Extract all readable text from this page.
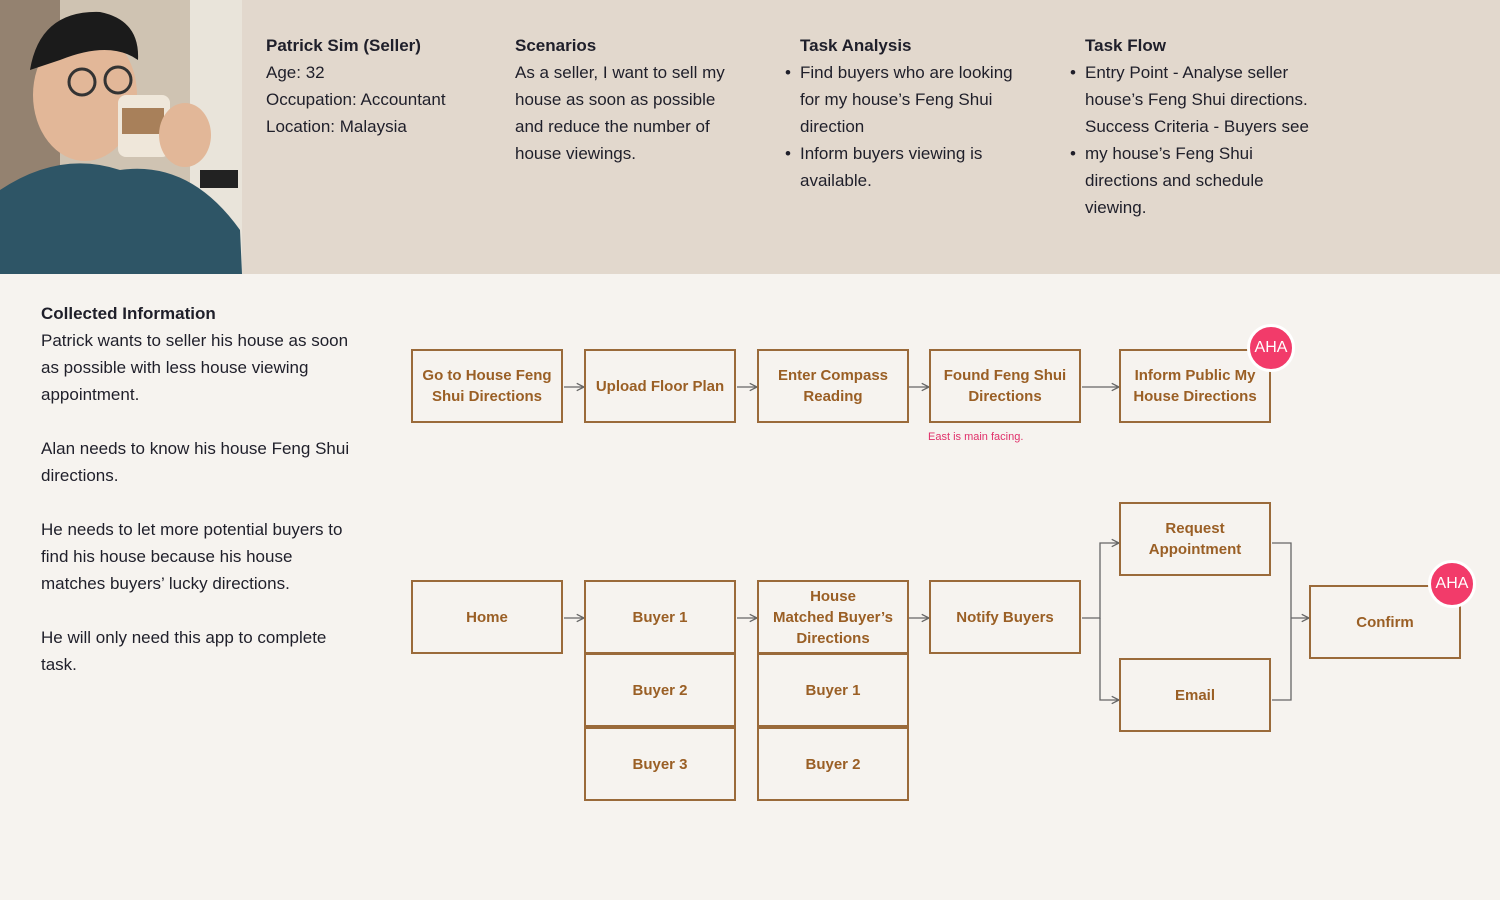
Patrick Sim (Seller)
Age: 32
Occupation: Accountant
Location: Malaysia
Scenarios
As a seller, I want to sell my
house as soon as possible
and reduce the number of
house viewings.
Task Analysis
• Find buyers who are looking
for my house’s Feng Shui
direction
• Inform buyers viewing is
available.
Task Flow
• Entry Point - Analyse seller
house’s Feng Shui directions.
Success Criteria - Buyers see
• my house’s Feng Shui
directions and schedule
viewing.
Collected Information

Patrick wants to seller his house as soon
as possible with less house viewing
appointment.

Alan needs to know his house Feng Shui
directions.

He needs to let more potential buyers to
find his house because his house
matches buyers’ lucky directions.

He will only need this app to complete
task.

Go to House Feng
Shui Directions
Upload Floor Plan
Enter Compass
Reading
Found Feng Shui
Directions
East is main facing.
Inform Public My
House Directions
AHA
Home	Buyer 1
Buyer 2
Buyer 3
House
Matched Buyer’s
Directions
Buyer 1
Buyer 2
Notify Buyers
Request
Appointment
Email
Confirm
AHA
